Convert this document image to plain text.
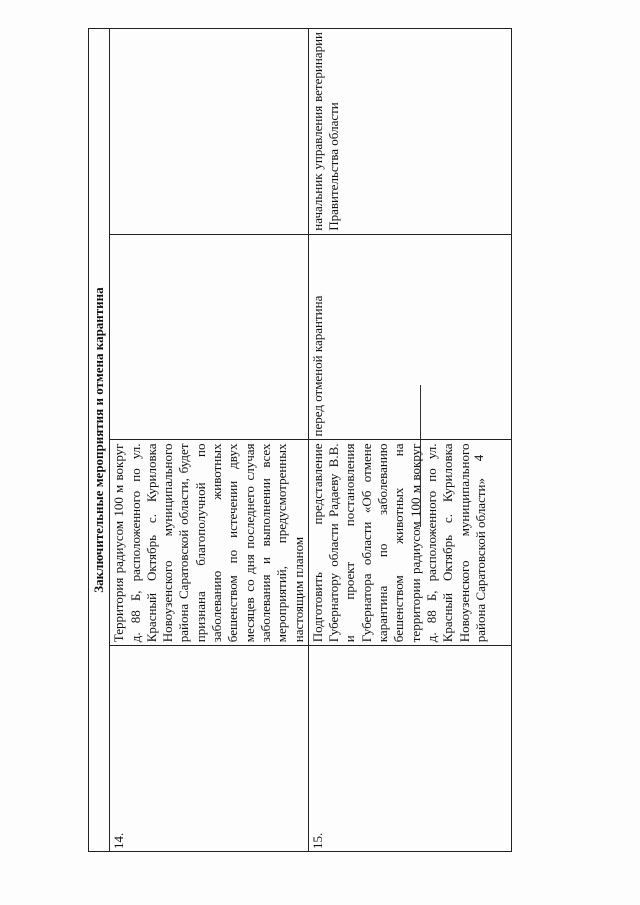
4
Заключительные мероприятия и отмена карантина			
14.	Территория радиусом 100 м вокруг д. 88 Б, расположенного по ул. Красный Октябрь с. Куриловка Новоузенского муниципального района Саратовской области, будет признана благополучной по заболеванию животных бешенством по истечении двух месяцев со дня последнего случая заболевания и выполнении всех мероприятий, предусмотренных настоящим планом		
15.	Подготовить представление Губернатору области Радаеву В.В. и проект постановления Губернатора области «Об отмене карантина по заболеванию бешенством животных на территории радиусом 100 м вокруг д. 88 Б, расположенного по ул. Красный Октябрь с. Куриловка Новоузенского муниципального района Саратовской области»	перед отменой карантина	начальник управления ветеринарии Правительства области
